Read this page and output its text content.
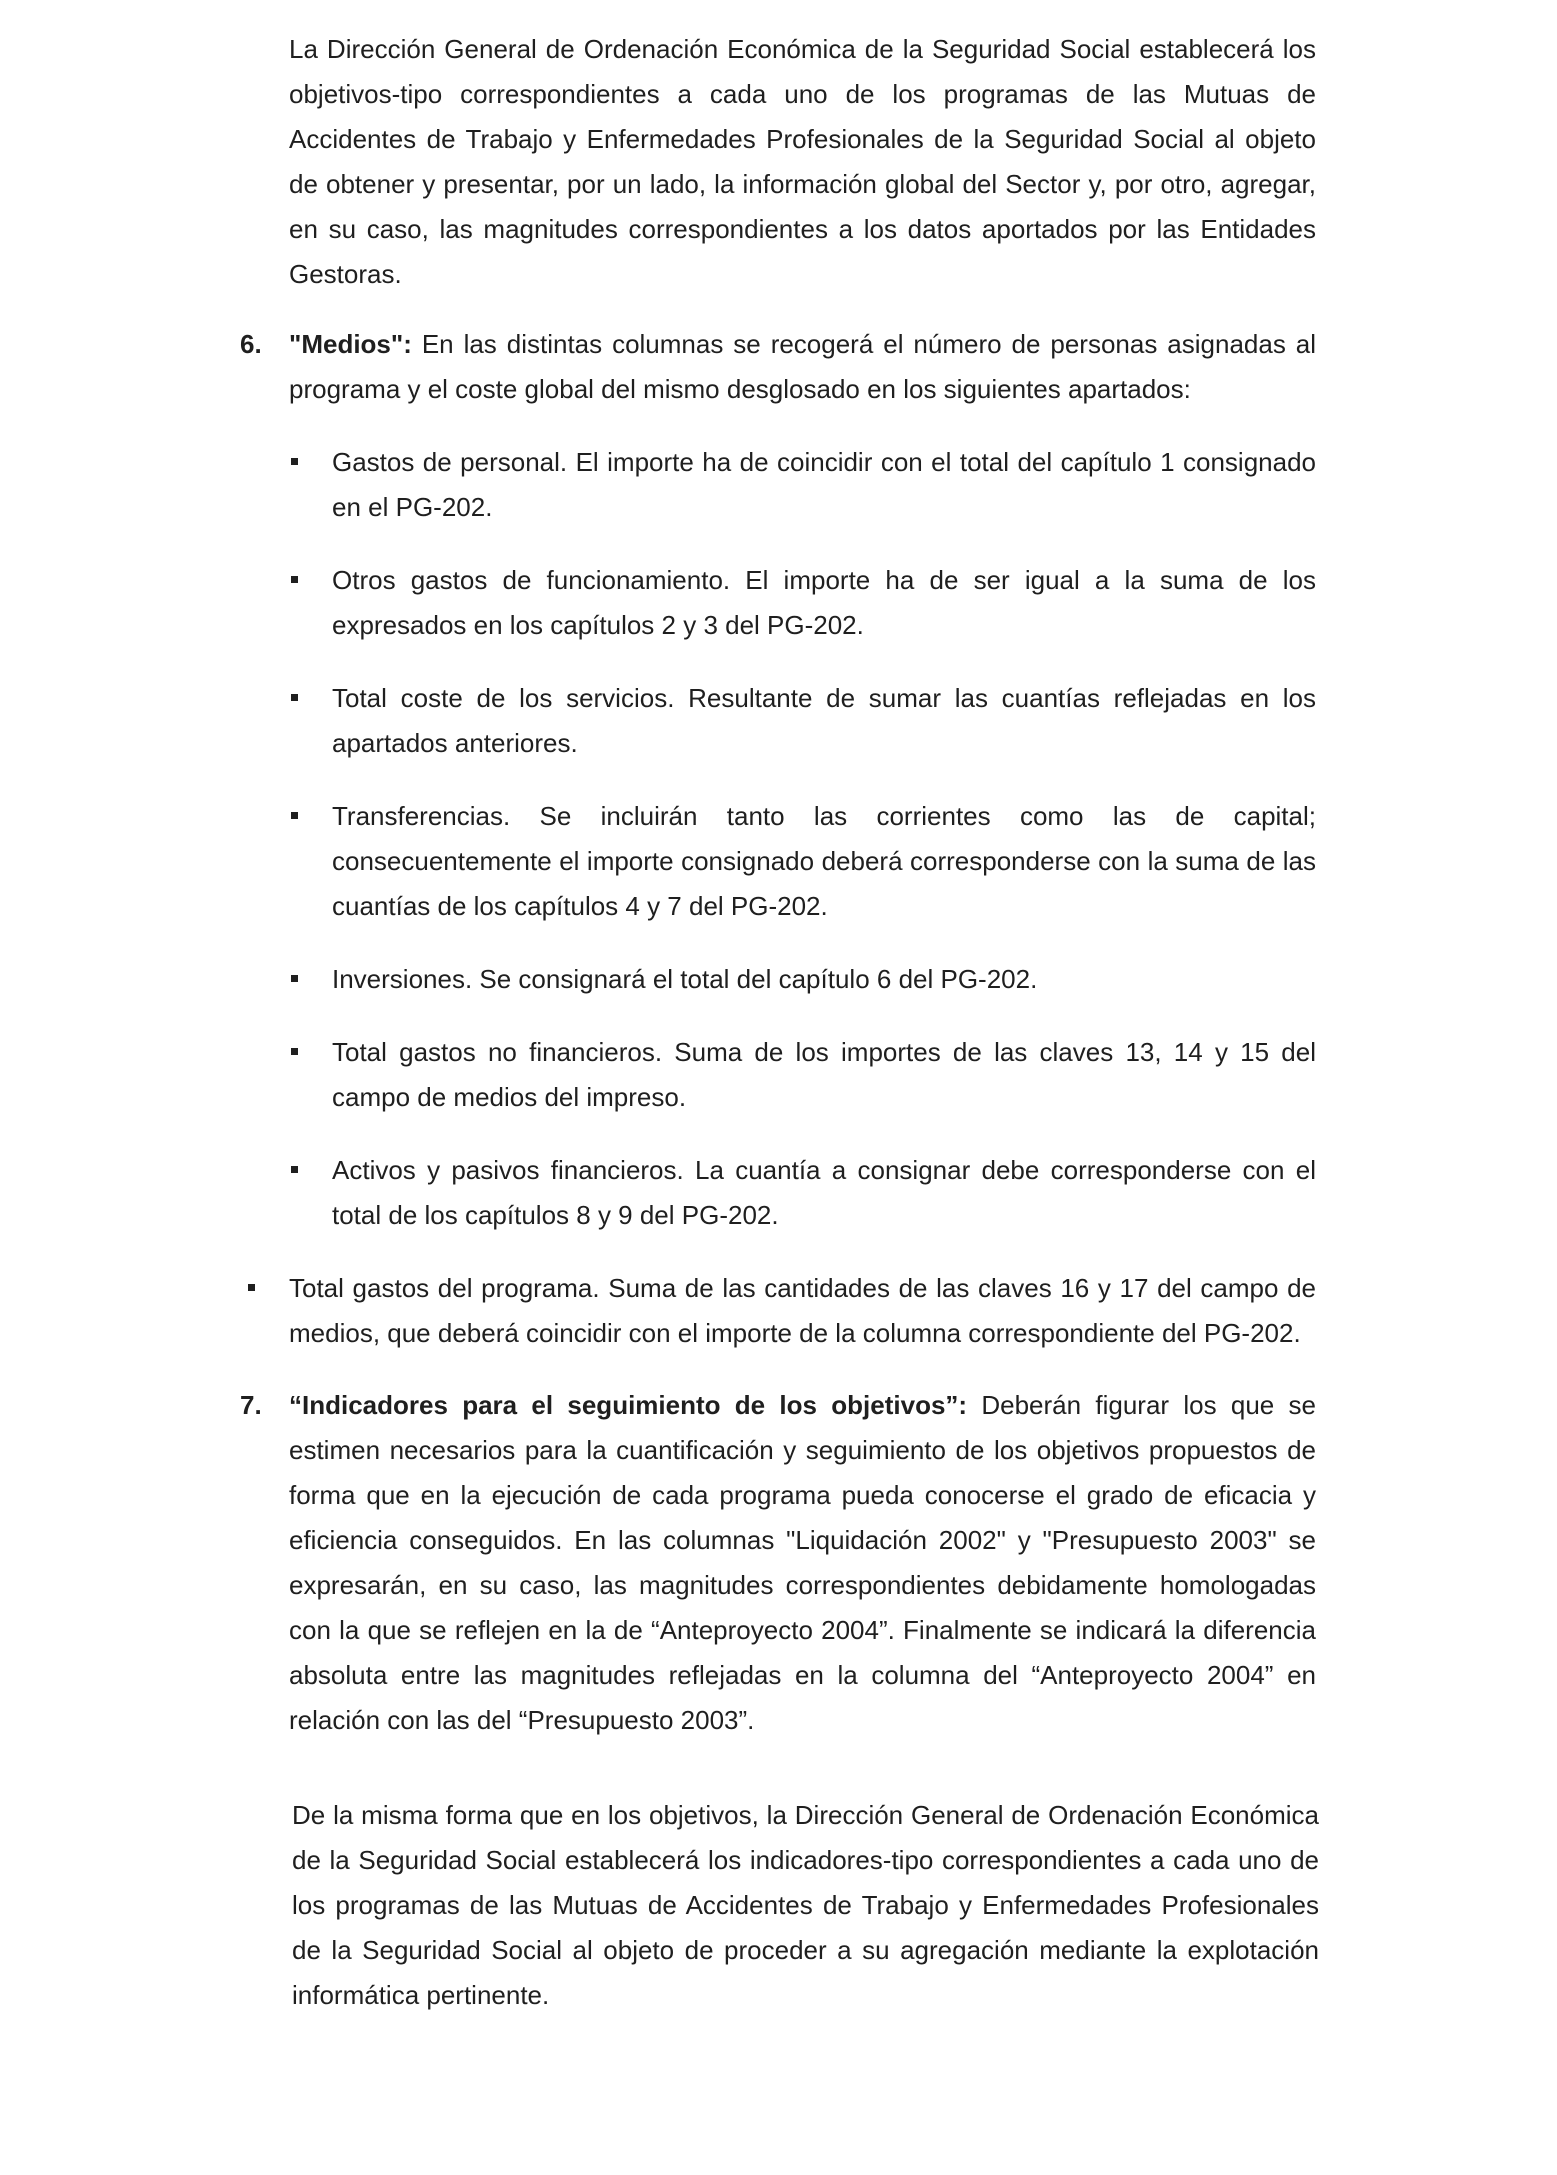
La Dirección General de Ordenación Económica de la Seguridad Social establecerá los objetivos-tipo correspondientes a cada uno de los programas de las Mutuas de Accidentes de Trabajo y Enfermedades Profesionales de la Seguridad Social al objeto de obtener y presentar, por un lado, la información global del Sector y, por otro, agregar, en su caso, las magnitudes correspondientes a los datos aportados por las Entidades Gestoras.

6.	"Medios": En las distintas columnas se recogerá el número de personas asignadas al programa y el coste global del mismo desglosado en los siguientes apartados:
Gastos de personal. El importe ha de coincidir con el total del capítulo 1 consignado en el PG-202.
Otros gastos de funcionamiento. El importe ha de ser igual a la suma de los expresados en los capítulos 2 y 3 del PG-202.
Total coste de los servicios. Resultante de sumar las cuantías reflejadas en los apartados anteriores.
Transferencias. Se incluirán tanto las corrientes como las de capital; consecuentemente el importe consignado deberá corresponderse con la suma de las cuantías de los capítulos 4 y 7 del PG-202.
Inversiones. Se consignará el total del capítulo 6 del PG-202.
Total gastos no financieros. Suma de los importes de las claves 13, 14 y 15 del campo de medios del impreso.
Activos y pasivos financieros. La cuantía a consignar debe corresponderse con el total de los capítulos 8 y 9 del PG-202.
Total gastos del programa. Suma de las cantidades de las claves 16 y 17 del campo de medios, que deberá coincidir con el importe de la columna correspondiente del PG-202.
7.	“Indicadores para el seguimiento de los objetivos”: Deberán figurar los que se estimen necesarios para la cuantificación y seguimiento de los objetivos propuestos de forma que en la ejecución de cada programa pueda conocerse el grado de eficacia y eficiencia conseguidos. En las columnas "Liquidación 2002" y "Presupuesto 2003" se expresarán, en su caso, las magnitudes correspondientes debidamente homologadas con la que se reflejen en la de “Anteproyecto 2004”. Finalmente se indicará la diferencia absoluta entre las magnitudes reflejadas en la columna del “Anteproyecto 2004” en relación con las del “Presupuesto 2003”.

De la misma forma que en los objetivos, la Dirección General de Ordenación Económica de la Seguridad Social establecerá los indicadores-tipo correspondientes a cada uno de los programas de las Mutuas de Accidentes de Trabajo y Enfermedades Profesionales de la Seguridad Social al objeto de proceder a su agregación mediante la explotación informática pertinente.
